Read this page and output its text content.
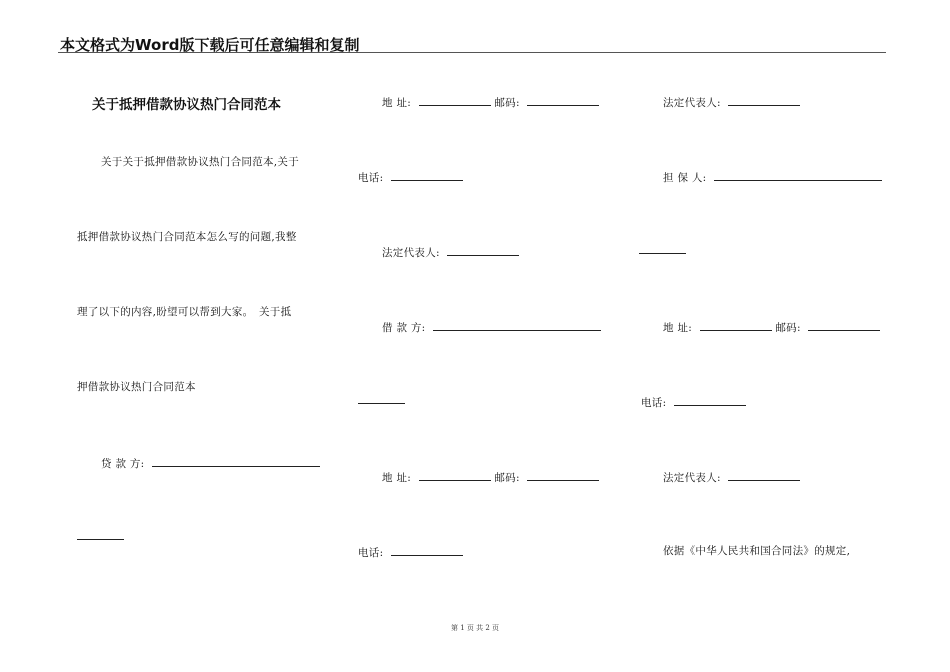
本文格式为Word版下载后可任意编辑和复制
关于抵押借款协议热门合同范本
关于关于抵押借款协议热门合同范本,关于
抵押借款协议热门合同范本怎么写的问题,我整
理了以下的内容,盼望可以帮到大家。　关于抵
押借款协议热门合同范本
贷 款 方:
地 址:	邮码:
电话:
法定代表人:
借 款 方:
地 址:	邮码:
电话:
法定代表人:
担 保 人:
地 址:	邮码:
电话:
法定代表人:
依据《中华人民共和国合同法》的规定,
第 1 页 共 2 页
